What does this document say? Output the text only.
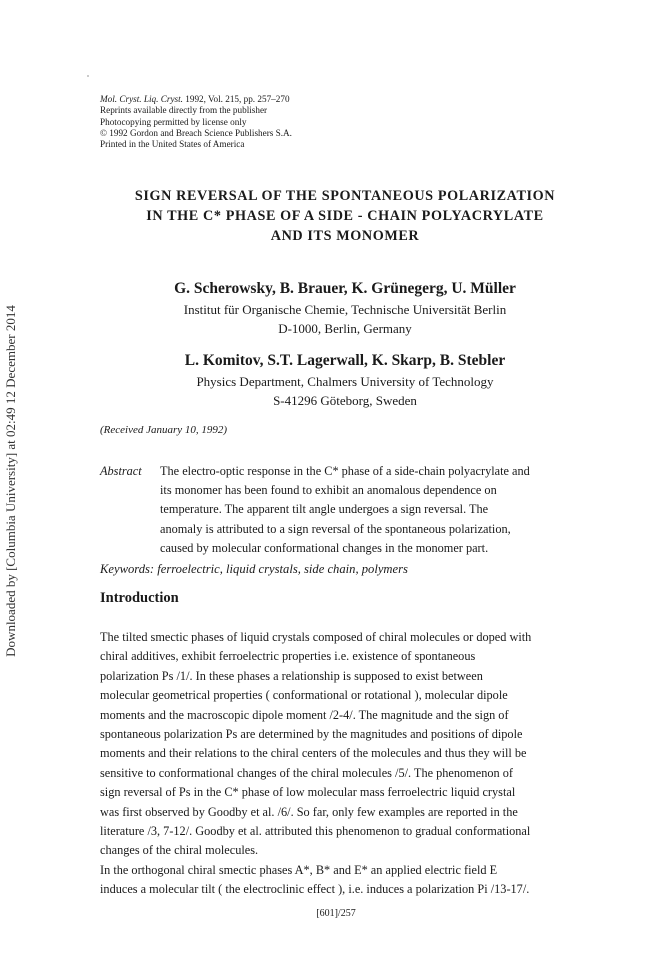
Downloaded by [Columbia University] at 02:49 12 December 2014
Mol. Cryst. Liq. Cryst. 1992, Vol. 215, pp. 257–270
Reprints available directly from the publisher
Photocopying permitted by license only
© 1992 Gordon and Breach Science Publishers S.A.
Printed in the United States of America
SIGN REVERSAL OF THE SPONTANEOUS POLARIZATION
IN THE C* PHASE OF A SIDE - CHAIN POLYACRYLATE
AND ITS MONOMER
G. Scherowsky, B. Brauer, K. Grünegerg, U. Müller
Institut für Organische Chemie, Technische Universität Berlin
D-1000, Berlin, Germany
L. Komitov, S.T. Lagerwall, K. Skarp, B. Stebler
Physics Department, Chalmers University of Technology
S-41296 Göteborg, Sweden
(Received January 10, 1992)
Abstract The electro-optic response in the C* phase of a side-chain polyacrylate and
its monomer has been found to exhibit an anomalous dependence on
temperature. The apparent tilt angle undergoes a sign reversal. The
anomaly is attributed to a sign reversal of the spontaneous polarization,
caused by molecular conformational changes in the monomer part.
Keywords: ferroelectric, liquid crystals, side chain, polymers
Introduction
The tilted smectic phases of liquid crystals composed of chiral molecules or doped with
chiral additives, exhibit ferroelectric properties i.e. existence of spontaneous
polarization Ps /1/. In these phases a relationship is supposed to exist between
molecular geometrical properties ( conformational or rotational ), molecular dipole
moments and the macroscopic dipole moment /2-4/. The magnitude and the sign of
spontaneous polarization Ps are determined by the magnitudes and positions of dipole
moments and their relations to the chiral centers of the molecules and thus they will be
sensitive to conformational changes of the chiral molecules /5/. The phenomenon of
sign reversal of Ps in the C* phase of low molecular mass ferroelectric liquid crystal
was first observed by Goodby et al. /6/. So far, only few examples are reported in the
literature /3, 7-12/. Goodby et al. attributed this phenomenon to gradual conformational
changes of the chiral molecules.
In the orthogonal chiral smectic phases A*, B* and E* an applied electric field E
induces a molecular tilt ( the electroclinic effect ), i.e. induces a polarization Pi /13-17/.
[601]/257
